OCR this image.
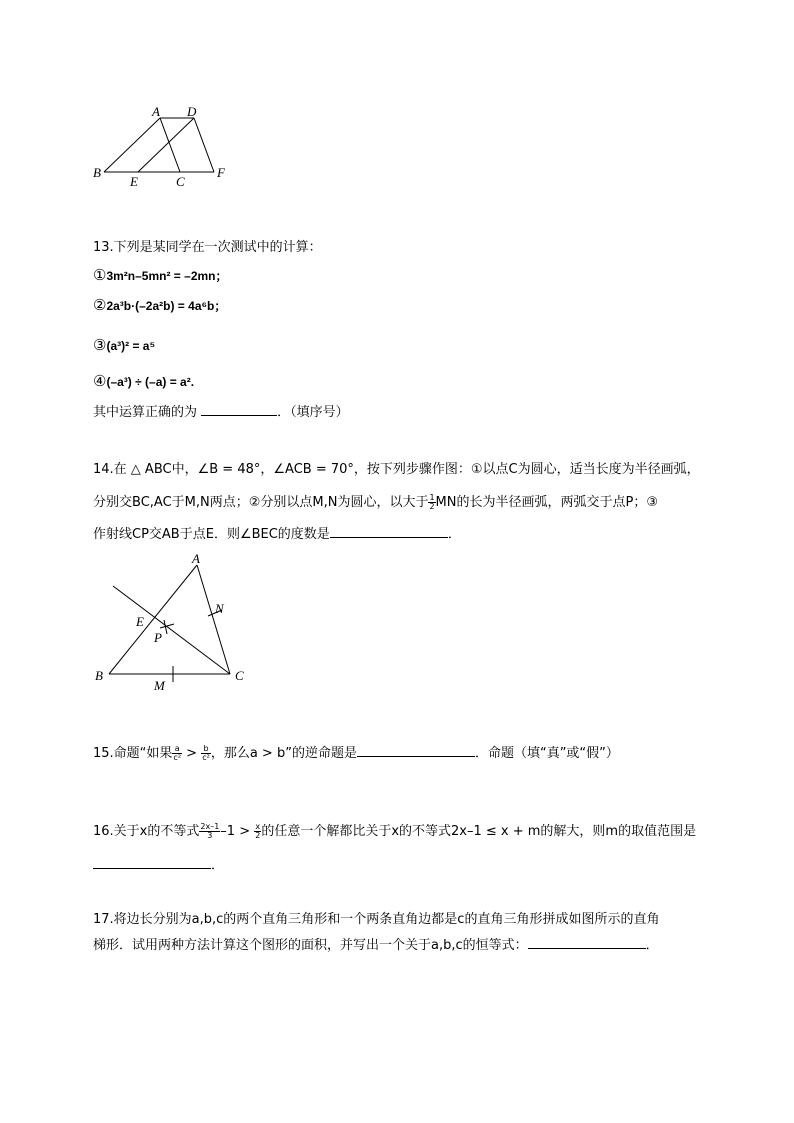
A D
B
E	C
F
13.下列是某同学在一次测试中的计算：
①3m²n–5mn² = –2mn；
②2a³b·(–2a²b) = 4a⁶b；
③(a³)² = a⁵
④(–a³) ÷ (–a) = a².
其中运算正确的为	．（填序号）
14.在 △ ABC中，∠B = 48°，∠ACB = 70°，按下列步骤作图：①以点C为圆心，适当长度为半径画弧，
分别交BC,AC于M,N两点；②分别以点M,N为圆心，以大于 $\frac{1}{2}$ MN的长为半径画弧，两弧交于点P；③
作射线CP交AB于点E．则∠BEC的度数是	．
A
N
E
P
B
M
C
15.命题“如果 $\frac{a}{\text{c²}} > \frac{b}{\text{c²}}$ ，那么a > b”的逆命题是	．命题（填“真”或“假”）
16.关于x的不等式 $\frac{2x-1}{3} -1 > \frac{x}{2}$ 的任意一个解都比关于x的不等式2x–1 ≤ x + m的解大，则m的取值范围是
．
17.将边长分别为a,b,c的两个直角三角形和一个两条直角边都是c的直角三角形拼成如图所示的直角
梯形．试用两种方法计算这个图形的面积，并写出一个关于a,b,c的恒等式：	．
